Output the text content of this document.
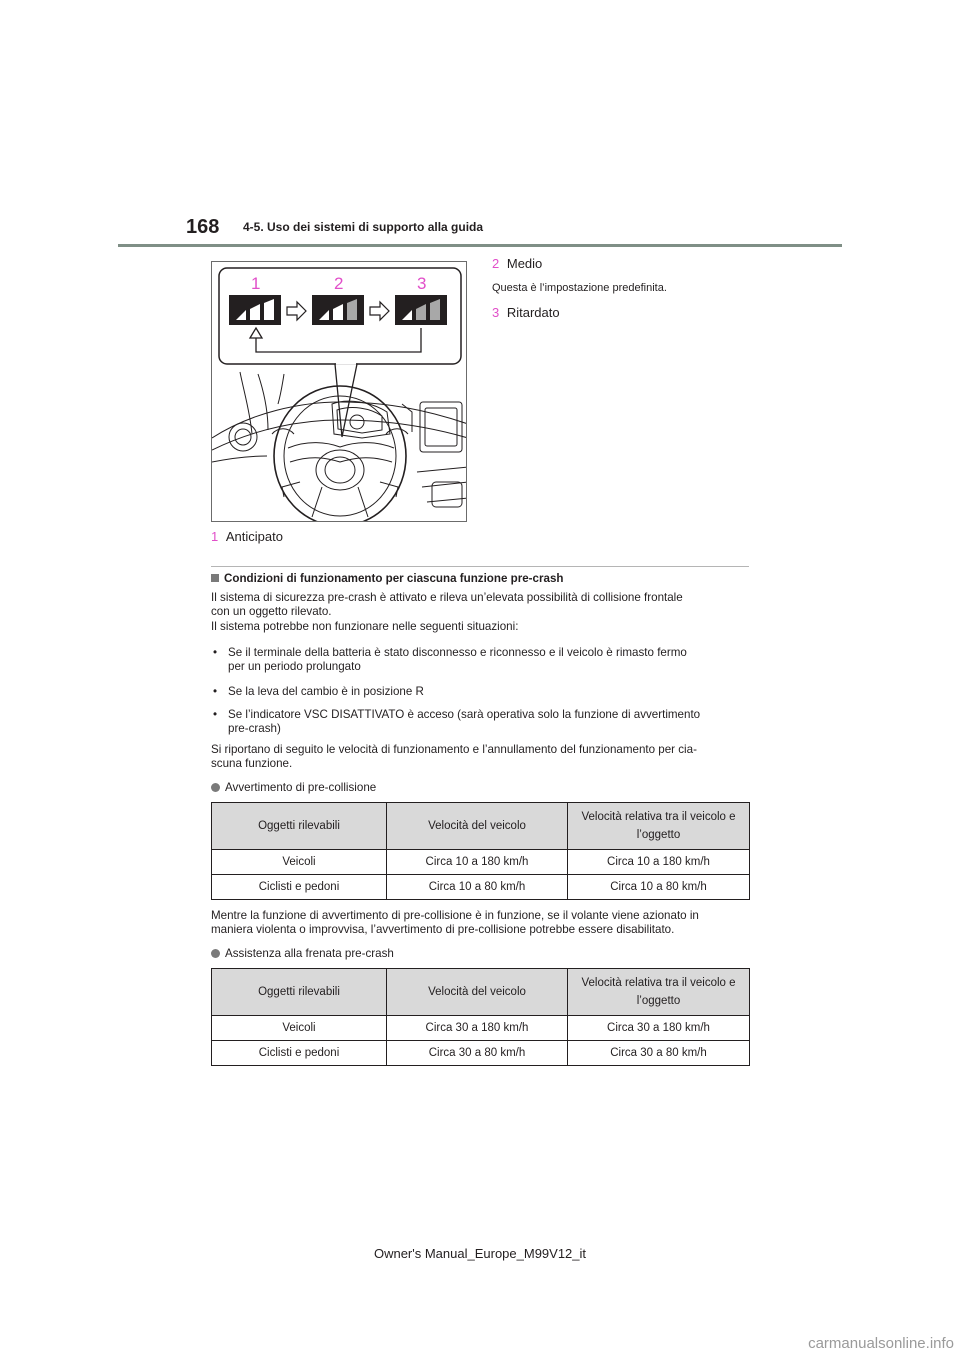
168 4-5. Uso dei sistemi di supporto alla guida
1	2	3
2 Medio
Questa è l’impostazione predefinita.
3 Ritardato
1 Anticipato
Condizioni di funzionamento per ciascuna funzione pre-crash
Il sistema di sicurezza pre-crash è attivato e rileva un’elevata possibilità di collisione frontale
con un oggetto rilevato.
Il sistema potrebbe non funzionare nelle seguenti situazioni:
• Se il terminale della batteria è stato disconnesso e riconnesso e il veicolo è rimasto fermo
per un periodo prolungato
• Se la leva del cambio è in posizione R
• Se l’indicatore VSC DISATTIVATO è acceso (sarà operativa solo la funzione di avvertimento
pre-crash)
Si riportano di seguito le velocità di funzionamento e l’annullamento del funzionamento per cia-
scuna funzione.
Avvertimento di pre-collisione
Oggetti rilevabili	Velocità del veicolo	Velocità relativa tra il veicolo e
l’oggetto
Veicoli	Circa 10 a 180 km/h	Circa 10 a 180 km/h
Ciclisti e pedoni	Circa 10 a 80 km/h	Circa 10 a 80 km/h
Mentre la funzione di avvertimento di pre-collisione è in funzione, se il volante viene azionato in
maniera violenta o improvvisa, l’avvertimento di pre-collisione potrebbe essere disabilitato.
Assistenza alla frenata pre-crash
Oggetti rilevabili	Velocità del veicolo	Velocità relativa tra il veicolo e
l’oggetto
Veicoli	Circa 30 a 180 km/h	Circa 30 a 180 km/h
Ciclisti e pedoni	Circa 30 a 80 km/h	Circa 30 a 80 km/h
Owner's Manual_Europe_M99V12_it
carmanualsonline.info
